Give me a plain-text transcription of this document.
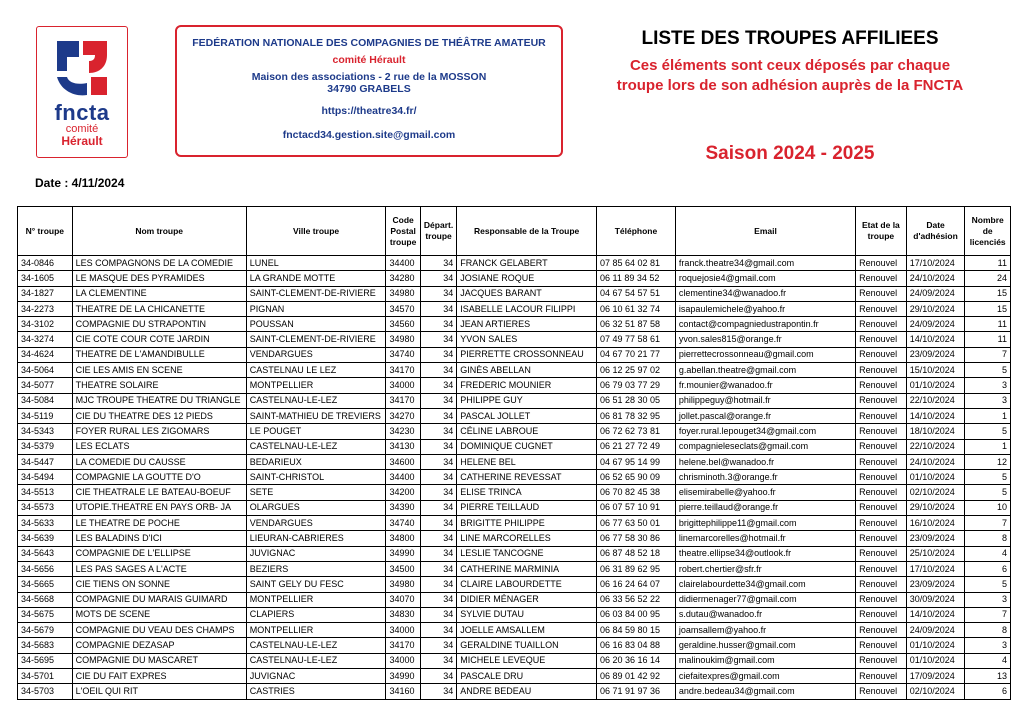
fncta
comité
Hérault
FEDÉRATION NATIONALE DES COMPAGNIES DE THÉÂTRE AMATEUR
comité Hérault
Maison des associations - 2 rue de la MOSSON
34790 GRABELS
https://theatre34.fr/
fnctacd34.gestion.site@gmail.com
LISTE DES TROUPES AFFILIEES
Ces éléments sont ceux déposés par chaque troupe lors de son adhésion auprès de la FNCTA
Saison 2024 - 2025
Date : 4/11/2024
N° troupe	Nom troupe	Ville troupe	Code Postal troupe	Départ. troupe	Responsable de la Troupe	Téléphone	Email	Etat de la troupe	Date d'adhésion	Nombre de licenciés
34-0846	LES COMPAGNONS DE LA COMEDIE	LUNEL	34400	34	FRANCK GELABERT	07 85 64 02 81	franck.theatre34@gmail.com	Renouvel	17/10/2024	11
34-1605	LE MASQUE DES PYRAMIDES	LA GRANDE MOTTE	34280	34	JOSIANE ROQUE	06 11 89 34 52	roquejosie4@gmail.com	Renouvel	24/10/2024	24
34-1827	LA CLEMENTINE	SAINT-CLEMENT-DE-RIVIERE	34980	34	JACQUES BARANT	04 67 54 57 51	clementine34@wanadoo.fr	Renouvel	24/09/2024	15
34-2273	THEATRE DE LA CHICANETTE	PIGNAN	34570	34	ISABELLE LACOUR FILIPPI	06 10 61 32 74	isapaulemichele@yahoo.fr	Renouvel	29/10/2024	15
34-3102	COMPAGNIE DU STRAPONTIN	POUSSAN	34560	34	JEAN ARTIERES	06 32 51 87 58	contact@compagniedustrapontin.fr	Renouvel	24/09/2024	11
34-3274	CIE COTE COUR COTE JARDIN	SAINT-CLEMENT-DE-RIVIERE	34980	34	YVON SALES	07 49 77 58 61	yvon.sales815@orange.fr	Renouvel	14/10/2024	11
34-4624	THEATRE DE L'AMANDIBULLE	VENDARGUES	34740	34	PIERRETTE CROSSONNEAU	04 67 70 21 77	pierrettecrossonneau@gmail.com	Renouvel	23/09/2024	7
34-5064	CIE LES AMIS EN SCENE	CASTELNAU LE LEZ	34170	34	GINÈS ABELLAN	06 12 25 97 02	g.abellan.theatre@gmail.com	Renouvel	15/10/2024	5
34-5077	THEATRE SOLAIRE	MONTPELLIER	34000	34	FREDERIC MOUNIER	06 79 03 77 29	fr.mounier@wanadoo.fr	Renouvel	01/10/2024	3
34-5084	MJC TROUPE THEATRE DU TRIANGLE	CASTELNAU-LE-LEZ	34170	34	PHILIPPE GUY	06 51 28 30 05	philippeguy@hotmail.fr	Renouvel	22/10/2024	3
34-5119	CIE DU THEATRE DES 12 PIEDS	SAINT-MATHIEU DE TREVIERS	34270	34	PASCAL JOLLET	06 81 78 32 95	jollet.pascal@orange.fr	Renouvel	14/10/2024	1
34-5343	FOYER RURAL LES ZIGOMARS	LE POUGET	34230	34	CÉLINE LABROUE	06 72 62 73 81	foyer.rural.lepouget34@gmail.com	Renouvel	18/10/2024	5
34-5379	LES ECLATS	CASTELNAU-LE-LEZ	34130	34	DOMINIQUE CUGNET	06 21 27 72 49	compagnieleseclats@gmail.com	Renouvel	22/10/2024	1
34-5447	LA COMEDIE DU CAUSSE	BEDARIEUX	34600	34	HELENE BEL	04 67 95 14 99	helene.bel@wanadoo.fr	Renouvel	24/10/2024	12
34-5494	COMPAGNIE LA GOUTTE D'O	SAINT-CHRISTOL	34400	34	CATHERINE REVESSAT	06 52 65 90 09	chrisminoth.3@orange.fr	Renouvel	01/10/2024	5
34-5513	CIE THEATRALE LE BATEAU-BOEUF	SETE	34200	34	ELISE TRINCA	06 70 82 45 38	elisemirabelle@yahoo.fr	Renouvel	02/10/2024	5
34-5573	UTOPIE.THEATRE EN PAYS ORB- JA	OLARGUES	34390	34	PIERRE TEILLAUD	06 07 57 10 91	pierre.teillaud@orange.fr	Renouvel	29/10/2024	10
34-5633	LE THEATRE DE POCHE	VENDARGUES	34740	34	BRIGITTE PHILIPPE	06 77 63 50 01	brigittephilippe11@gmail.com	Renouvel	16/10/2024	7
34-5639	LES BALADINS D'ICI	LIEURAN-CABRIERES	34800	34	LINE MARCORELLES	06 77 58 30 86	linemarcorelles@hotmail.fr	Renouvel	23/09/2024	8
34-5643	COMPAGNIE DE L'ELLIPSE	JUVIGNAC	34990	34	LESLIE TANCOGNE	06 87 48 52 18	theatre.ellipse34@outlook.fr	Renouvel	25/10/2024	4
34-5656	LES PAS SAGES A L'ACTE	BEZIERS	34500	34	CATHERINE MARMINIA	06 31 89 62 95	robert.chertier@sfr.fr	Renouvel	17/10/2024	6
34-5665	CIE TIENS ON SONNE	SAINT GELY DU FESC	34980	34	CLAIRE LABOURDETTE	06 16 24 64 07	clairelabourdette34@gmail.com	Renouvel	23/09/2024	5
34-5668	COMPAGNIE DU MARAIS GUIMARD	MONTPELLIER	34070	34	DIDIER MÉNAGER	06 33 56 52 22	didiermenager77@gmail.com	Renouvel	30/09/2024	3
34-5675	MOTS DE SCENE	CLAPIERS	34830	34	SYLVIE DUTAU	06 03 84 00 95	s.dutau@wanadoo.fr	Renouvel	14/10/2024	7
34-5679	COMPAGNIE DU VEAU DES CHAMPS	MONTPELLIER	34000	34	JOELLE AMSALLEM	06 84 59 80 15	joamsallem@yahoo.fr	Renouvel	24/09/2024	8
34-5683	COMPAGNIE DEZASAP	CASTELNAU-LE-LEZ	34170	34	GERALDINE TUAILLON	06 16 83 04 88	geraldine.husser@gmail.com	Renouvel	01/10/2024	3
34-5695	COMPAGNIE DU MASCARET	CASTELNAU-LE-LEZ	34000	34	MICHELE LEVEQUE	06 20 36 16 14	malinoukim@gmail.com	Renouvel	01/10/2024	4
34-5701	CIE DU FAIT EXPRES	JUVIGNAC	34990	34	PASCALE DRU	06 89 01 42 92	ciefaitexpres@gmail.com	Renouvel	17/09/2024	13
34-5703	L'OEIL QUI RIT	CASTRIES	34160	34	ANDRE BEDEAU	06 71 91 97 36	andre.bedeau34@gmail.com	Renouvel	02/10/2024	6
